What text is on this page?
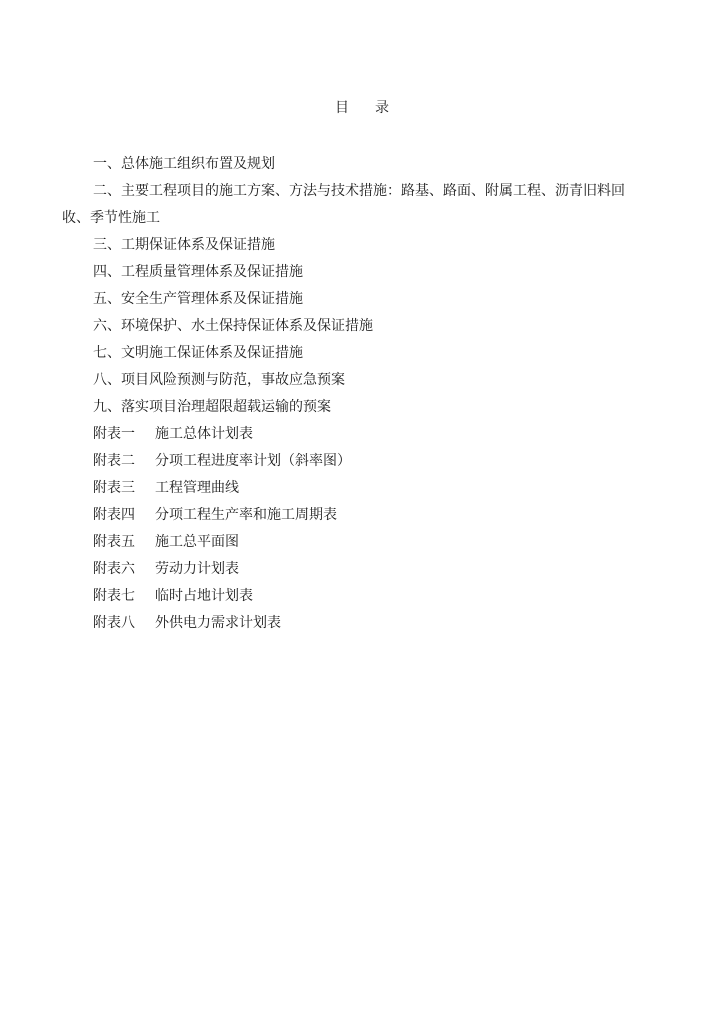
目 录
一、总体施工组织布置及规划
二、主要工程项目的施工方案、方法与技术措施：路基、路面、附属工程、沥青旧料回
收、季节性施工
三、工期保证体系及保证措施
四、工程质量管理体系及保证措施
五、安全生产管理体系及保证措施
六、环境保护、水土保持保证体系及保证措施
七、文明施工保证体系及保证措施
八、项目风险预测与防范，事故应急预案
九、落实项目治理超限超载运输的预案
附表一 施工总体计划表
附表二 分项工程进度率计划（斜率图）
附表三 工程管理曲线
附表四 分项工程生产率和施工周期表
附表五 施工总平面图
附表六 劳动力计划表
附表七 临时占地计划表
附表八 外供电力需求计划表
